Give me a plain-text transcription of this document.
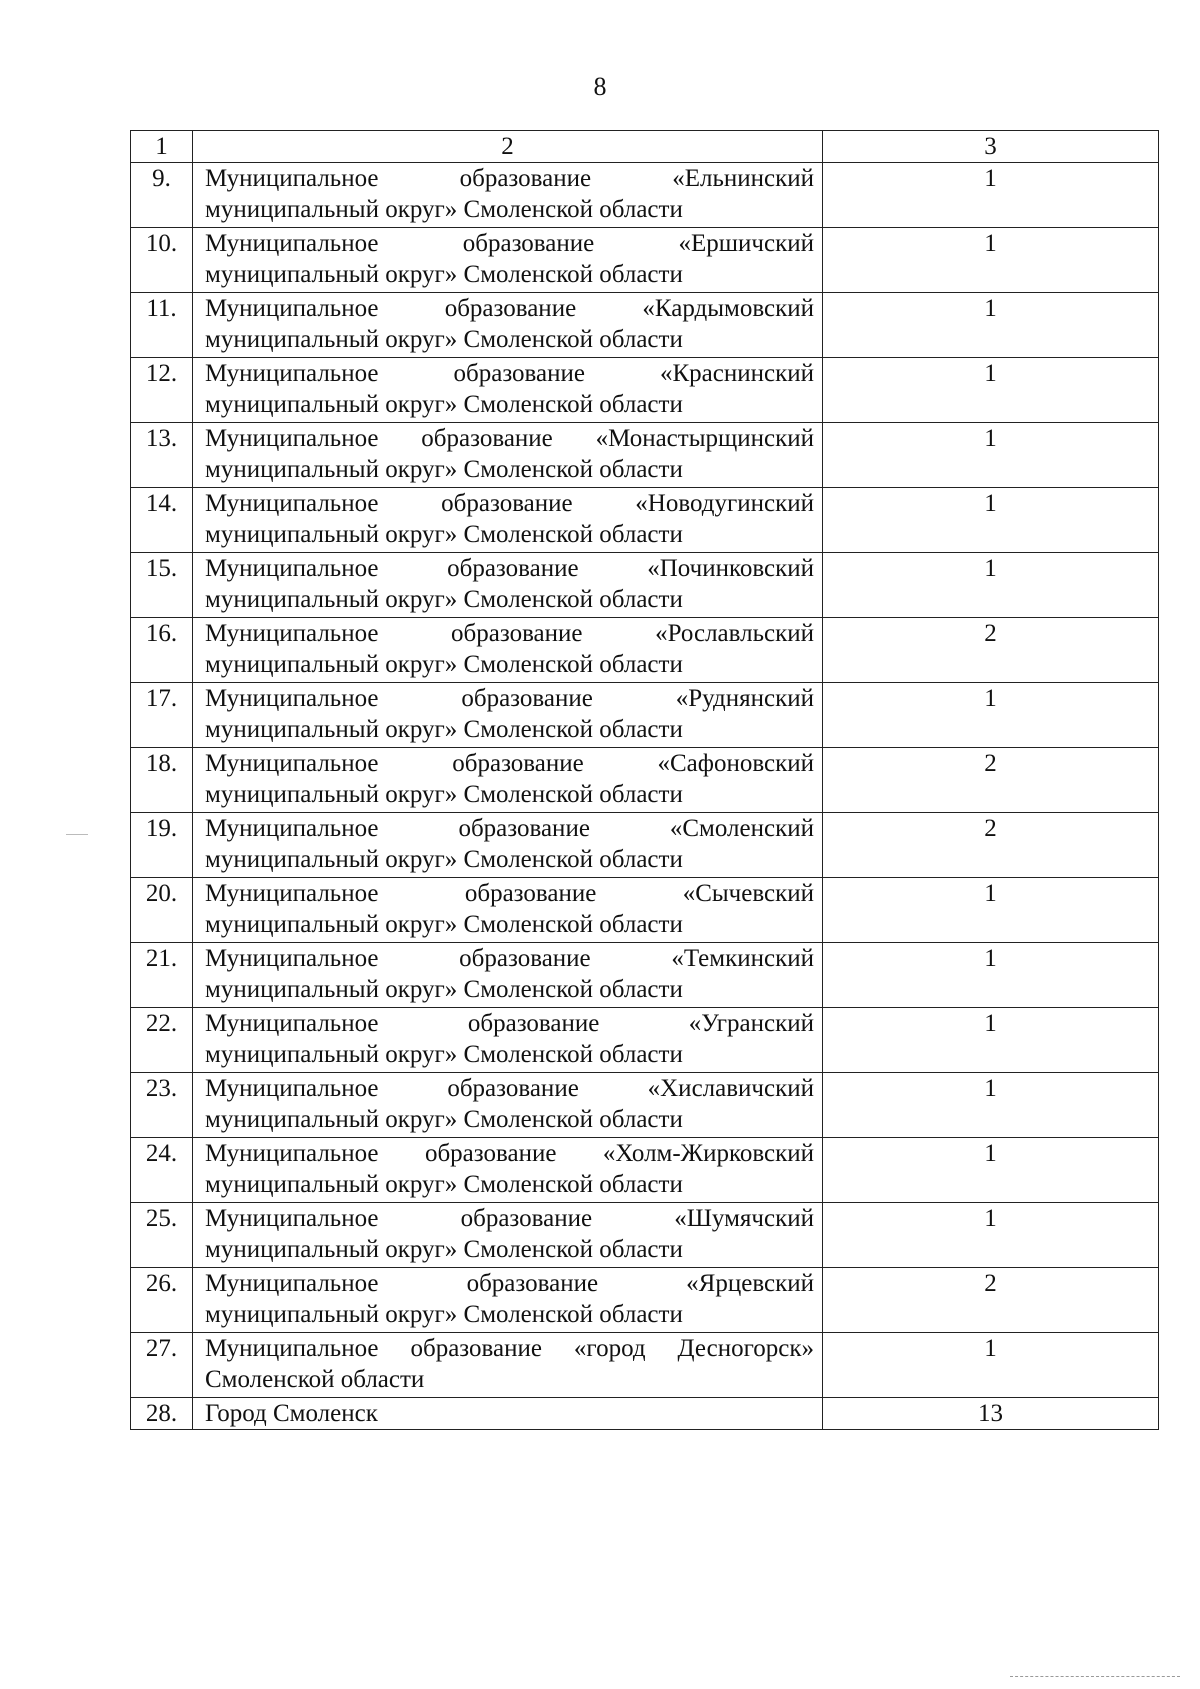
8
1	2	3
9.	Муниципальное образование «Ельнинский
муниципальный округ» Смоленской области	1
10.	Муниципальное образование «Ершичский
муниципальный округ» Смоленской области	1
11.	Муниципальное образование «Кардымовский
муниципальный округ» Смоленской области	1
12.	Муниципальное образование «Краснинский
муниципальный округ» Смоленской области	1
13.	Муниципальное образование «Монастырщинский
муниципальный округ» Смоленской области	1
14.	Муниципальное образование «Новодугинский
муниципальный округ» Смоленской области	1
15.	Муниципальное образование «Починковский
муниципальный округ» Смоленской области	1
16.	Муниципальное образование «Рославльский
муниципальный округ» Смоленской области	2
17.	Муниципальное образование «Руднянский
муниципальный округ» Смоленской области	1
18.	Муниципальное образование «Сафоновский
муниципальный округ» Смоленской области	2
19.	Муниципальное образование «Смоленский
муниципальный округ» Смоленской области	2
20.	Муниципальное образование «Сычевский
муниципальный округ» Смоленской области	1
21.	Муниципальное образование «Темкинский
муниципальный округ» Смоленской области	1
22.	Муниципальное образование «Угранский
муниципальный округ» Смоленской области	1
23.	Муниципальное образование «Хиславичский
муниципальный округ» Смоленской области	1
24.	Муниципальное образование «Холм-Жирковский
муниципальный округ» Смоленской области	1
25.	Муниципальное образование «Шумячский
муниципальный округ» Смоленской области	1
26.	Муниципальное образование «Ярцевский
муниципальный округ» Смоленской области	2
27.	Муниципальное образование «город Десногорск»
Смоленской области	1
28.	Город Смоленск	13
